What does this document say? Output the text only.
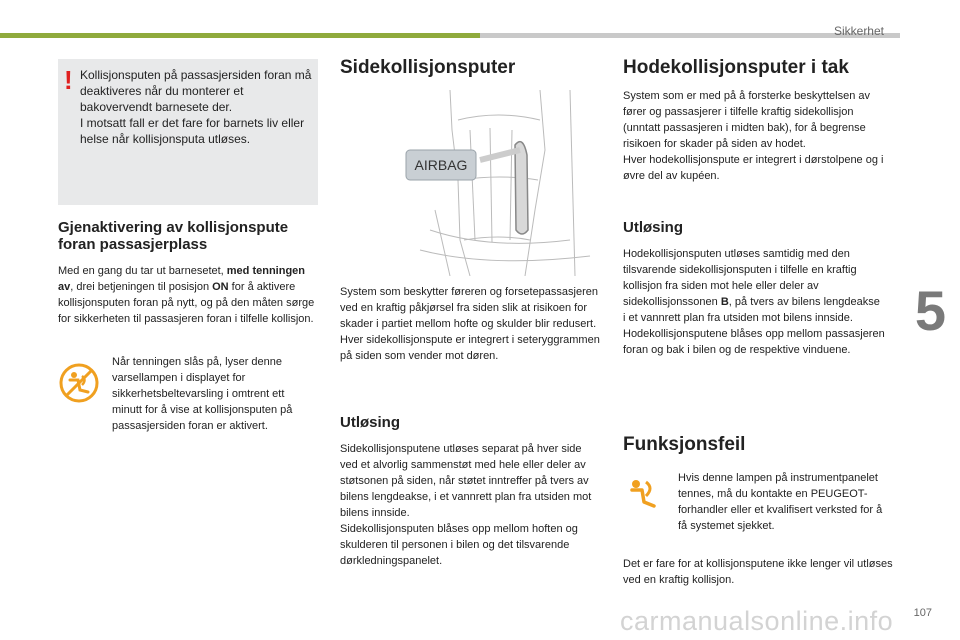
Sikkerhet
5
107
carmanualsonline.info
! Kollisjonsputen på passasjersiden foran må deaktiveres når du monterer et bakovervendt barnesete der.

I motsatt fall er det fare for barnets liv eller helse når kollisjonsputa utløses.

Gjenaktivering av kollisjonspute foran passasjerplass
Med en gang du tar ut barnesetet, med tenningen av, drei betjeningen til posisjon ON for å aktivere kollisjonsputen foran på nytt, og på den måten sørge for sikkerheten til passasjeren foran i tilfelle kollisjon.
Når tenningen slås på, lyser denne varsellampen i displayet for sikkerhetsbeltevarsling i omtrent ett minutt for å vise at kollisjonsputen på passasjersiden foran er aktivert.
Sidekollisjonsputer
AIRBAG

System som beskytter føreren og forsetepassasjeren ved en kraftig påkjørsel fra siden slik at risikoen for skader i partiet mellom hofte og skulder blir redusert.

Hver sidekollisjonspute er integrert i seteryggrammen på siden som vender mot døren.

Utløsing

Sidekollisjonsputene utløses separat på hver side ved et alvorlig sammenstøt med hele eller deler av støtsonen på siden, når støtet inntreffer på tvers av bilens lengdeakse, i et vannrett plan fra utsiden mot bilens innside.

Sidekollisjonsputen blåses opp mellom hoften og skulderen til personen i bilen og det tilsvarende dørkledningspanelet.

Hodekollisjonsputer i tak

System som er med på å forsterke beskyttelsen av fører og passasjerer i tilfelle kraftig sidekollisjon (unntatt passasjeren i midten bak), for å begrense risikoen for skader på siden av hodet.

Hver hodekollisjonspute er integrert i dørstolpene og i øvre del av kupéen.

Utløsing

Hodekollisjonsputen utløses samtidig med den tilsvarende sidekollisjonsputen i tilfelle en kraftig kollisjon fra siden mot hele eller deler av sidekollisjonssonen B, på tvers av bilens lengdeakse i et vannrett plan fra utsiden mot bilens innside.

Hodekollisjonsputene blåses opp mellom passasjeren foran og bak i bilen og de respektive vinduene.

Funksjonsfeil
Hvis denne lampen på instrumentpanelet tennes, må du kontakte en PEUGEOT-forhandler eller et kvalifisert verksted for å få systemet sjekket.
Det er fare for at kollisjonsputene ikke lenger vil utløses ved en kraftig kollisjon.
